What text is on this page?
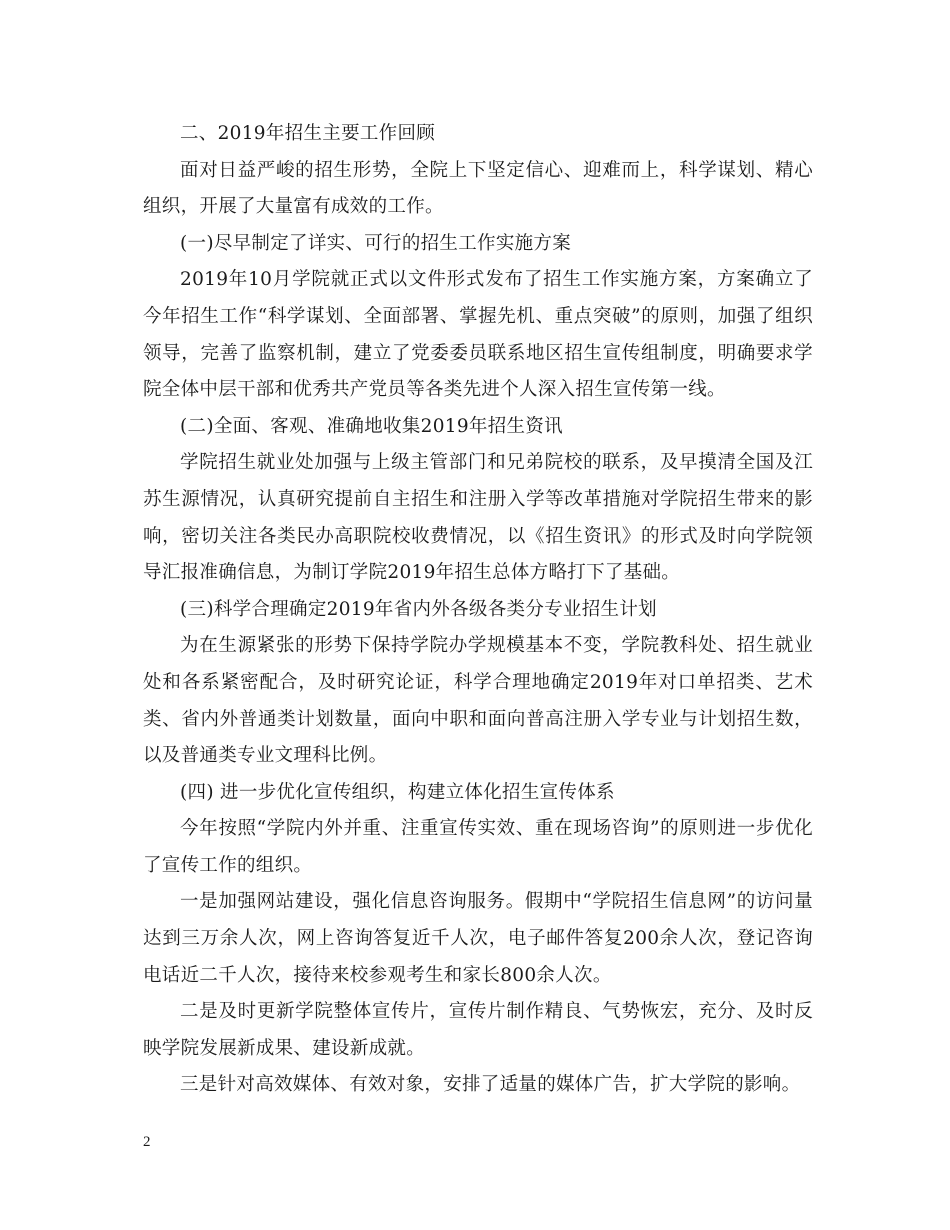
二、2019年招生主要工作回顾

面对日益严峻的招生形势，全院上下坚定信心、迎难而上，科学谋划、精心组织，开展了大量富有成效的工作。

(一)尽早制定了详实、可行的招生工作实施方案

2019年10月学院就正式以文件形式发布了招生工作实施方案，方案确立了今年招生工作“科学谋划、全面部署、掌握先机、重点突破”的原则，加强了组织领导，完善了监察机制，建立了党委委员联系地区招生宣传组制度，明确要求学院全体中层干部和优秀共产党员等各类先进个人深入招生宣传第一线。

(二)全面、客观、准确地收集2019年招生资讯

学院招生就业处加强与上级主管部门和兄弟院校的联系，及早摸清全国及江苏生源情况，认真研究提前自主招生和注册入学等改革措施对学院招生带来的影响，密切关注各类民办高职院校收费情况，以《招生资讯》的形式及时向学院领导汇报准确信息，为制订学院2019年招生总体方略打下了基础。

(三)科学合理确定2019年省内外各级各类分专业招生计划

为在生源紧张的形势下保持学院办学规模基本不变，学院教科处、招生就业处和各系紧密配合，及时研究论证，科学合理地确定2019年对口单招类、艺术类、省内外普通类计划数量，面向中职和面向普高注册入学专业与计划招生数，以及普通类专业文理科比例。

(四) 进一步优化宣传组织，构建立体化招生宣传体系

今年按照“学院内外并重、注重宣传实效、重在现场咨询”的原则进一步优化了宣传工作的组织。

一是加强网站建设，强化信息咨询服务。假期中“学院招生信息网”的访问量达到三万余人次，网上咨询答复近千人次，电子邮件答复200余人次，登记咨询电话近二千人次，接待来校参观考生和家长800余人次。

二是及时更新学院整体宣传片，宣传片制作精良、气势恢宏，充分、及时反映学院发展新成果、建设新成就。

三是针对高效媒体、有效对象，安排了适量的媒体广告，扩大学院的影响。

2
